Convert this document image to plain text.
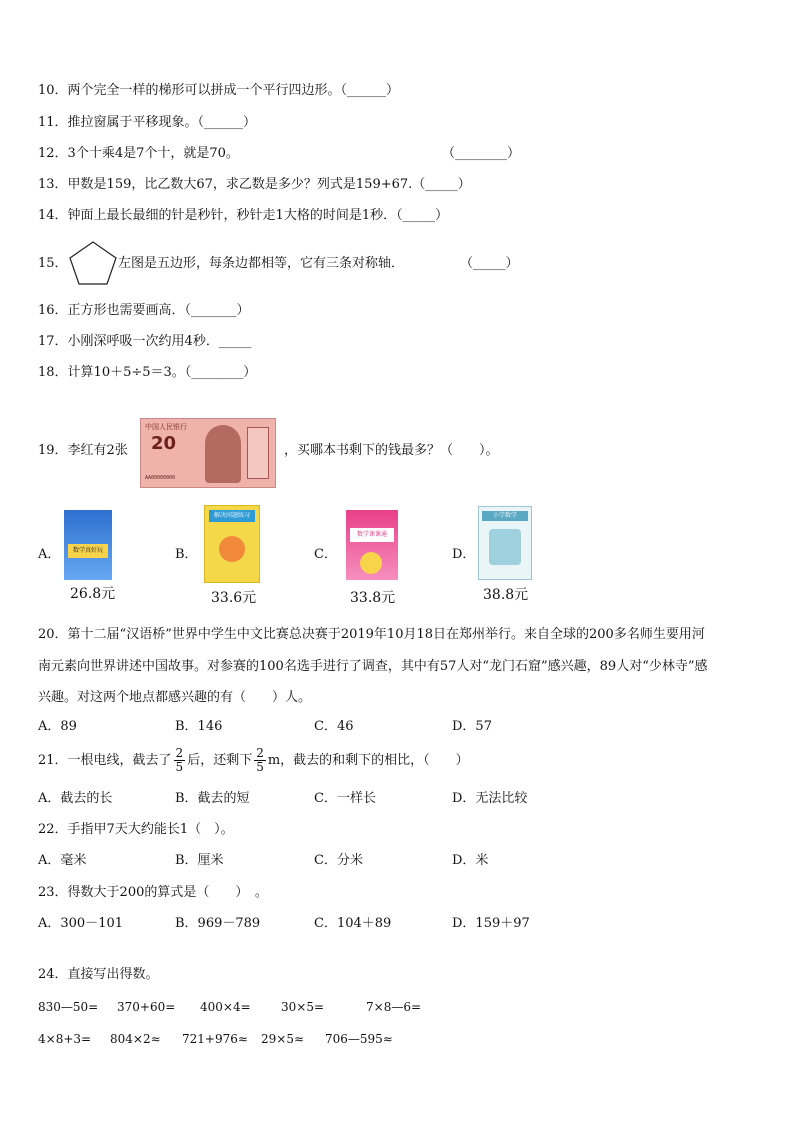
10．两个完全一样的梯形可以拼成一个平行四边形。（______）
11．推拉窗属于平移现象。（______）
12．3个十乘4是7个十，就是70。	（________）
13．甲数是159，比乙数大67，求乙数是多少？列式是159+67.（_____）
14．钟面上最长最细的针是秒针，秒针走1大格的时间是1秒．（_____）
15．	左图是五边形，每条边都相等，它有三条对称轴．	（_____）
16．正方形也需要画高．（_______）
17．小刚深呼吸一次约用4秒．_____
18．计算10＋5÷5＝3。（________）
19．李红有2张
中国人民银行
20
AA00000000
，买哪本书剩下的钱最多？（　　）。
A．	数学真好玩
26.8元
B．
解决问题练习
33.6元
C．
数学课课通
33.8元
D．
小学数学
38.8元
20．第十二届“汉语桥”世界中学生中文比赛总决赛于2019年10月18日在郑州举行。来自全球的200多名师生要用河
南元素向世界讲述中国故事。对参赛的100名选手进行了调查，其中有57人对“龙门石窟”感兴趣，89人对“少林寺”感
兴趣。对这两个地点都感兴趣的有（　　）人。
A．89	B．146	C．46	D．57
21．一根电线，截去了 $\frac{2}{5}$ 后，还剩下 $\frac{2}{5}$ m，截去的和剩下的相比，（　　）
A．截去的长	B．截去的短	C．一样长	D．无法比较
22．手指甲7天大约能长1（　）。
A．毫米	B．厘米	C．分米	D．米
23．得数大于200的算式是（　　）　。
A．300－101	B．969－789	C．104＋89	D．159＋97
24．直接写出得数。
830—50= 370+60= 400×4=	30×5=	7×8—6=
4×8+3= 804×2≈ 721+976≈ 29×5≈ 706—595≈
